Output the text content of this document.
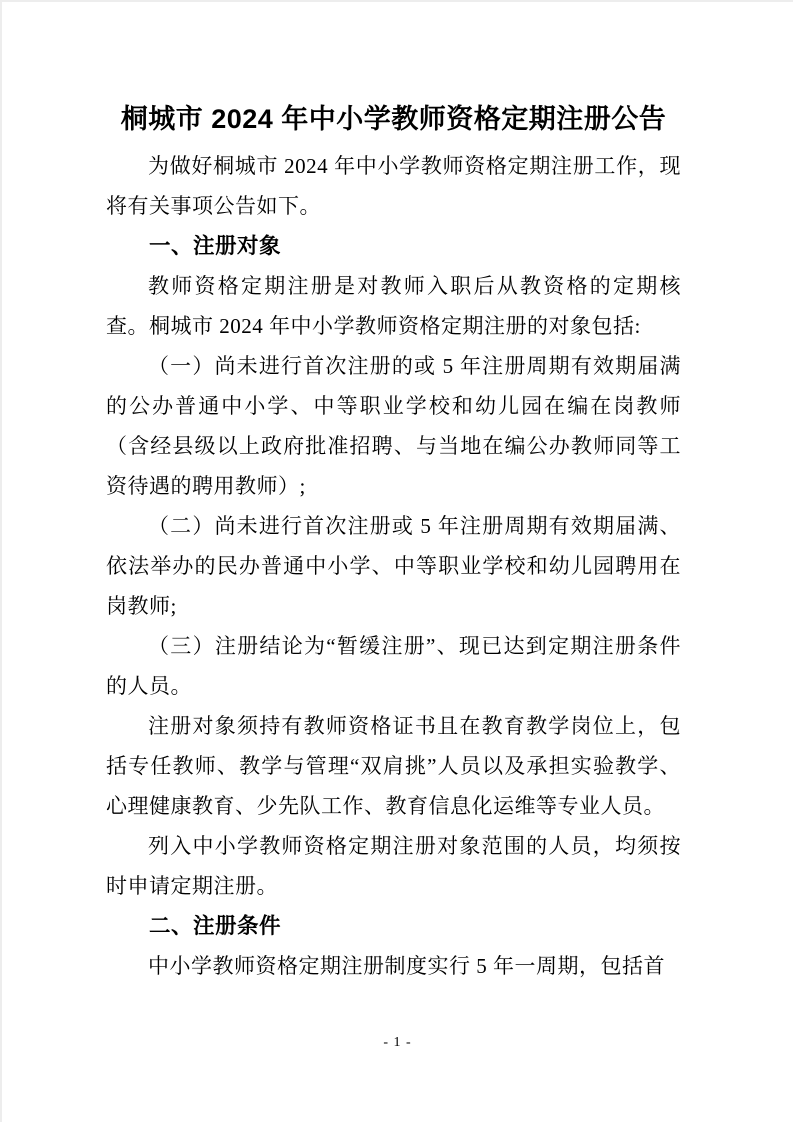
桐城市 2024 年中小学教师资格定期注册公告

为做好桐城市 2024 年中小学教师资格定期注册工作，现将有关事项公告如下。

一、注册对象

教师资格定期注册是对教师入职后从教资格的定期核查。桐城市 2024 年中小学教师资格定期注册的对象包括:

（一）尚未进行首次注册的或 5 年注册周期有效期届满的公办普通中小学、中等职业学校和幼儿园在编在岗教师（含经县级以上政府批准招聘、与当地在编公办教师同等工资待遇的聘用教师）;

（二）尚未进行首次注册或 5 年注册周期有效期届满、依法举办的民办普通中小学、中等职业学校和幼儿园聘用在岗教师;

（三）注册结论为“暂缓注册”、现已达到定期注册条件的人员。

注册对象须持有教师资格证书且在教育教学岗位上，包括专任教师、教学与管理“双肩挑”人员以及承担实验教学、心理健康教育、少先队工作、教育信息化运维等专业人员。

列入中小学教师资格定期注册对象范围的人员，均须按时申请定期注册。

二、注册条件

中小学教师资格定期注册制度实行 5 年一周期，包括首

- 1 -
